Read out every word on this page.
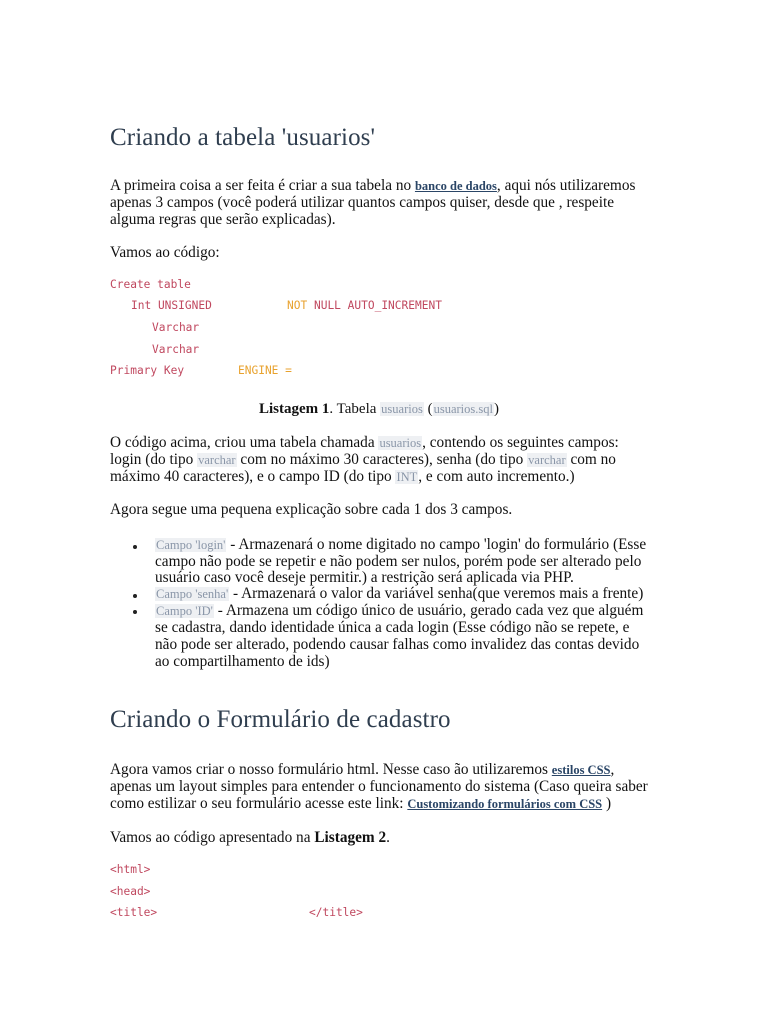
Criando a tabela 'usuarios'
A primeira coisa a ser feita é criar a sua tabela no banco de dados, aqui nós utilizaremos
apenas 3 campos (você poderá utilizar quantos campos quiser, desde que , respeite
alguma regras que serão explicadas).
Vamos ao código:
Create table
Int UNSIGNED	NOT NULL AUTO_INCREMENT
Varchar
Varchar
Primary Key	ENGINE =
Listagem 1. Tabela usuarios (usuarios.sql)
O código acima, criou uma tabela chamada usuarios, contendo os seguintes campos:
login (do tipo varchar com no máximo 30 caracteres), senha (do tipo varchar com no
máximo 40 caracteres), e o campo ID (do tipo INT, e com auto incremento.)
Agora segue uma pequena explicação sobre cada 1 dos 3 campos.
Campo 'login' - Armazenará o nome digitado no campo 'login' do formulário (Esse
campo não pode se repetir e não podem ser nulos, porém pode ser alterado pelo
usuário caso você deseje permitir.) a restrição será aplicada via PHP.
Campo 'senha' - Armazenará o valor da variável senha(que veremos mais a frente)
Campo 'ID' - Armazena um código único de usuário, gerado cada vez que alguém
se cadastra, dando identidade única a cada login (Esse código não se repete, e
não pode ser alterado, podendo causar falhas como invalidez das contas devido
ao compartilhamento de ids)
Criando o Formulário de cadastro
Agora vamos criar o nosso formulário html. Nesse caso ão utilizaremos estilos CSS,
apenas um layout simples para entender o funcionamento do sistema (Caso queira saber
como estilizar o seu formulário acesse este link: Customizando formulários com CSS )
Vamos ao código apresentado na Listagem 2.
<html>
<head>
<title>	</title>
